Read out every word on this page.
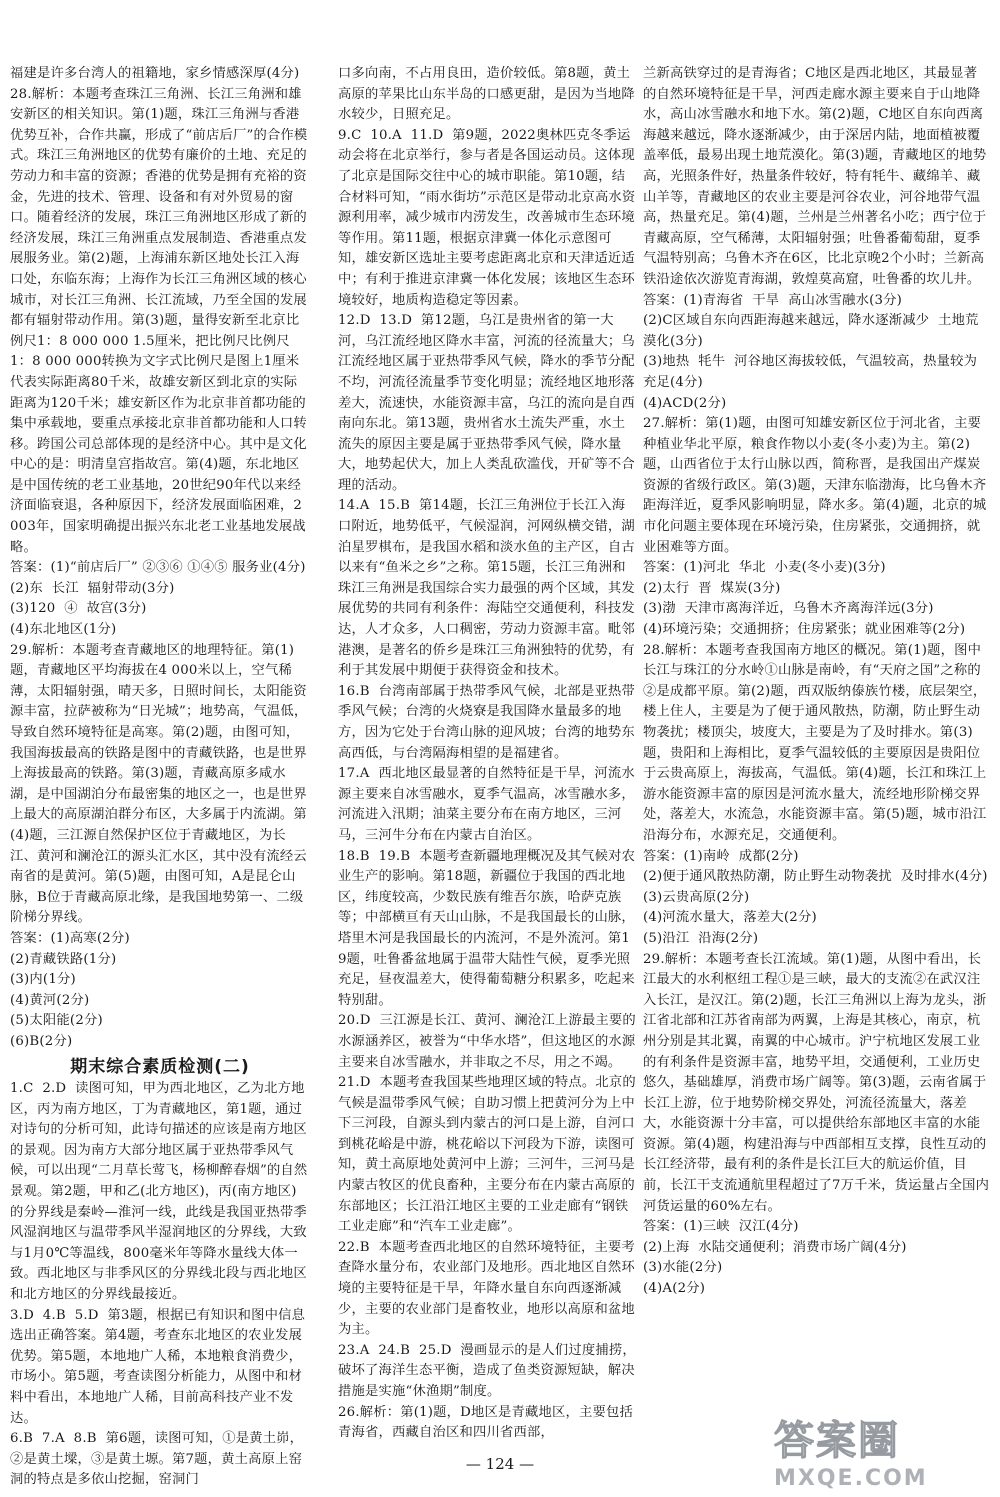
福建是许多台湾人的祖籍地，家乡情感深厚(4分)

28.解析：本题考查珠江三角洲、长江三角洲和雄安新区的相关知识。第(1)题，珠江三角洲与香港优势互补，合作共赢，形成了“前店后厂”的合作模式。珠江三角洲地区的优势有廉价的土地、充足的劳动力和丰富的资源；香港的优势是拥有充裕的资金，先进的技术、管理、设备和有对外贸易的窗口。随着经济的发展，珠江三角洲地区形成了新的经济发展，珠江三角洲重点发展制造、香港重点发展服务业。第(2)题，上海浦东新区地处长江入海口处，东临东海；上海作为长江三角洲区域的核心城市，对长江三角洲、长江流域，乃至全国的发展都有辐射带动作用。第(3)题，量得安新至北京比例尺1：8 000 000 1.5厘米，把比例尺比例尺1：8 000 000转换为文字式比例尺是图上1厘米代表实际距离80千米，故雄安新区到北京的实际距离为120千米；雄安新区作为北京非首都功能的集中承载地，要重点承接北京非首都功能和人口转移。跨国公司总部体现的是经济中心。其中是文化中心的是：明清皇宫指故宫。第(4)题，东北地区是中国传统的老工业基地，20世纪90年代以来经济面临衰退，各种原因下，经济发展面临困难，2003年，国家明确提出振兴东北老工业基地发展战略。

答案：(1)“前店后厂” ②③⑥ ①④⑤ 服务业(4分)

(2)东  长江  辐射带动(3分)

(3)120  ④  故宫(3分)

(4)东北地区(1分)

29.解析：本题考查青藏地区的地理特征。第(1)题，青藏地区平均海拔在4 000米以上，空气稀薄，太阳辐射强，晴天多，日照时间长，太阳能资源丰富，拉萨被称为“日光城”；地势高，气温低，导致自然环境特征是高寒。第(2)题，由图可知，我国海拔最高的铁路是图中的青藏铁路，也是世界上海拔最高的铁路。第(3)题，青藏高原多咸水湖，是中国湖泊分布最密集的地区之一，也是世界上最大的高原湖泊群分布区，大多属于内流湖。第(4)题，三江源自然保护区位于青藏地区，为长江、黄河和澜沧江的源头汇水区，其中没有流经云南省的是黄河。第(5)题，由图可知，A是昆仑山脉，B位于青藏高原北缘，是我国地势第一、二级阶梯分界线。

答案：(1)高寒(2分)

(2)青藏铁路(1分)

(3)内(1分)

(4)黄河(2分)

(5)太阳能(2分)

(6)B(2分)

期末综合素质检测(二)

1.C  2.D  读图可知，甲为西北地区，乙为北方地区，丙为南方地区，丁为青藏地区，第1题，通过对诗句的分析可知，此诗句描述的应该是南方地区的景观。因为南方大部分地区属于亚热带季风气候，可以出现“二月草长莺飞，杨柳醉春烟”的自然景观。第2题，甲和乙(北方地区)，丙(南方地区)的分界线是秦岭—淮河一线，此线是我国亚热带季风湿润地区与温带季风半湿润地区的分界线，大致与1月0℃等温线，800毫米年等降水量线大体一致。西北地区与非季风区的分界线北段与西北地区和北方地区的分界线最接近。

3.D  4.B  5.D  第3题，根据已有知识和图中信息选出正确答案。第4题，考查东北地区的农业发展优势。第5题，本地地广人稀，本地粮食消费少，市场小。第5题，考查读图分析能力，从图中和材料中看出，本地地广人稀，目前高科技产业不发达。

6.B  7.A  8.B  第6题，读图可知，①是黄土峁，②是黄土墚，③是黄土塬。第7题，黄土高原上窑洞的特点是多依山挖掘，窑洞门

口多向南，不占用良田，造价较低。第8题，黄土高原的苹果比山东半岛的口感更甜，是因为当地降水较少，日照充足。

9.C  10.A  11.D  第9题，2022奥林匹克冬季运动会将在北京举行，参与者是各国运动员。这体现了北京是国际交往中心的城市职能。第10题，结合材料可知，“雨水街坊”示范区是带动北京高水资源利用率，减少城市内涝发生，改善城市生态环境等作用。第11题，根据京津冀一体化示意图可知，雄安新区选址主要考虑距离北京和天津适近适中；有利于推进京津冀一体化发展；该地区生态环境较好，地质构造稳定等因素。

12.D  13.D  第12题，乌江是贵州省的第一大河，乌江流经地区降水丰富，河流的径流量大；乌江流经地区属于亚热带季风气候，降水的季节分配不均，河流径流量季节变化明显；流经地区地形落差大，流速快，水能资源丰富，乌江的流向是自西南向东北。第13题，贵州省水土流失严重，水土流失的原因主要是属于亚热带季风气候，降水量大，地势起伏大，加上人类乱砍滥伐，开矿等不合理的活动。

14.A  15.B  第14题，长江三角洲位于长江入海口附近，地势低平，气候湿润，河网纵横交错，湖泊星罗棋布，是我国水稻和淡水鱼的主产区，自古以来有“鱼米之乡”之称。第15题，长江三角洲和珠江三角洲是我国综合实力最强的两个区域，其发展优势的共同有利条件：海陆空交通便利，科技发达，人才众多，人口稠密，劳动力资源丰富。毗邻港澳，是著名的侨乡是珠江三角洲独特的优势，有利于其发展中期便于获得资金和技术。

16.B  台湾南部属于热带季风气候，北部是亚热带季风气候；台湾的火烧寮是我国降水量最多的地方，因为它处于台湾山脉的迎风坡；台湾的地势东高西低，与台湾隔海相望的是福建省。

17.A  西北地区最显著的自然特征是干旱，河流水源主要来自冰雪融水，夏季气温高，冰雪融水多，河流进入汛期；油菜主要分布在南方地区，三河马，三河牛分布在内蒙古自治区。

18.B  19.B  本题考查新疆地理概况及其气候对农业生产的影响。第18题，新疆位于我国的西北地区，纬度较高，少数民族有维吾尔族，哈萨克族等；中部横亘有天山山脉，不是我国最长的山脉，塔里木河是我国最长的内流河，不是外流河。第19题，吐鲁番盆地属于温带大陆性气候，夏季光照充足，昼夜温差大，使得葡萄糖分积累多，吃起来特别甜。

20.D  三江源是长江、黄河、澜沧江上游最主要的水源涵养区，被誉为“中华水塔”，但这地区的水源主要来自冰雪融水，并非取之不尽，用之不竭。

21.D  本题考查我国某些地理区域的特点。北京的气候是温带季风气候；自助习惯上把黄河分为上中下三河段，自源头到内蒙古的河口是上游，自河口到桃花峪是中游，桃花峪以下河段为下游，读图可知，黄土高原地处黄河中上游；三河牛，三河马是内蒙古牧区的优良畜种，主要分布在内蒙古高原的东部地区；长江沿江地区主要的工业走廊有“钢铁工业走廊”和“汽车工业走廊”。

22.B  本题考查西北地区的自然环境特征，主要考查降水量分布，农业部门及地形。西北地区自然环境的主要特征是干旱，年降水量自东向西逐渐减少，主要的农业部门是畜牧业，地形以高原和盆地为主。

23.A  24.B  25.D  漫画显示的是人们过度捕捞，破坏了海洋生态平衡，造成了鱼类资源短缺，解决措施是实施“休渔期”制度。

26.解析：第(1)题，D地区是青藏地区，主要包括青海省，西藏自治区和四川省西部，

兰新高铁穿过的是青海省；C地区是西北地区，其最显著的自然环境特征是干旱，河西走廊水源主要来自于山地降水，高山冰雪融水和地下水。第(2)题，C地区自东向西离海越来越远，降水逐渐减少，由于深居内陆，地面植被覆盖率低，最易出现土地荒漠化。第(3)题，青藏地区的地势高，光照条件好，热量条件较好，特有牦牛、藏绵羊、藏山羊等，青藏地区的农业主要是河谷农业，河谷地带气温高，热量充足。第(4)题，兰州是兰州著名小吃；西宁位于青藏高原，空气稀薄，太阳辐射强；吐鲁番葡萄甜，夏季气温特别高；乌鲁木齐在6区，比北京晚2个小时；兰新高铁沿途依次游览青海湖，敦煌莫高窟，吐鲁番的坎儿井。

答案：(1)青海省  干旱  高山冰雪融水(3分)

(2)C区域自东向西距海越来越远，降水逐渐减少  土地荒漠化(3分)

(3)地热  牦牛  河谷地区海拔较低，气温较高，热量较为充足(4分)

(4)ACD(2分)

27.解析：第(1)题，由图可知雄安新区位于河北省，主要种植业华北平原，粮食作物以小麦(冬小麦)为主。第(2)题，山西省位于太行山脉以西，简称晋，是我国出产煤炭资源的省级行政区。第(3)题，天津东临渤海，比乌鲁木齐距海洋近，夏季风影响明显，降水多。第(4)题，北京的城市化问题主要体现在环境污染，住房紧张，交通拥挤，就业困难等方面。

答案：(1)河北  华北  小麦(冬小麦)(3分)

(2)太行  晋  煤炭(3分)

(3)渤  天津市离海洋近，乌鲁木齐离海洋远(3分)

(4)环境污染；交通拥挤；住房紧张；就业困难等(2分)

28.解析：本题考查我国南方地区的概况。第(1)题，图中长江与珠江的分水岭①山脉是南岭，有“天府之国”之称的②是成都平原。第(2)题，西双版纳傣族竹楼，底层架空，楼上住人，主要是为了便于通风散热，防潮，防止野生动物袭扰；楼顶尖，坡度大，主要是为了及时排水。第(3)题，贵阳和上海相比，夏季气温较低的主要原因是贵阳位于云贵高原上，海拔高，气温低。第(4)题，长江和珠江上游水能资源丰富的原因是河流水量大，流经地形阶梯交界处，落差大，水流急，水能资源丰富。第(5)题，城市沿江沿海分布，水源充足，交通便利。

答案：(1)南岭  成都(2分)

(2)便于通风散热防潮，防止野生动物袭扰  及时排水(4分)

(3)云贵高原(2分)

(4)河流水量大，落差大(2分)

(5)沿江  沿海(2分)

29.解析：本题考查长江流域。第(1)题，从图中看出，长江最大的水利枢纽工程①是三峡，最大的支流②在武汉注入长江，是汉江。第(2)题，长江三角洲以上海为龙头，浙江省北部和江苏省南部为两翼，上海是其核心，南京，杭州分别是其北翼，南翼的中心城市。沪宁杭地区发展工业的有利条件是资源丰富，地势平坦，交通便利，工业历史悠久，基础雄厚，消费市场广阔等。第(3)题，云南省属于长江上游，位于地势阶梯交界处，河流径流量大，落差大，水能资源十分丰富，可以提供给东部地区丰富的水能资源。第(4)题，构建沿海与中西部相互支撑，良性互动的长江经济带，最有利的条件是长江巨大的航运价值，目前，长江干支流通航里程超过了7万千米，货运量占全国内河货运量的60%左右。

答案：(1)三峡  汉江(4分)

(2)上海  水陆交通便利；消费市场广阔(4分)

(3)水能(2分)

(4)A(2分)

— 124 —	答案圈
MXQE.COM
